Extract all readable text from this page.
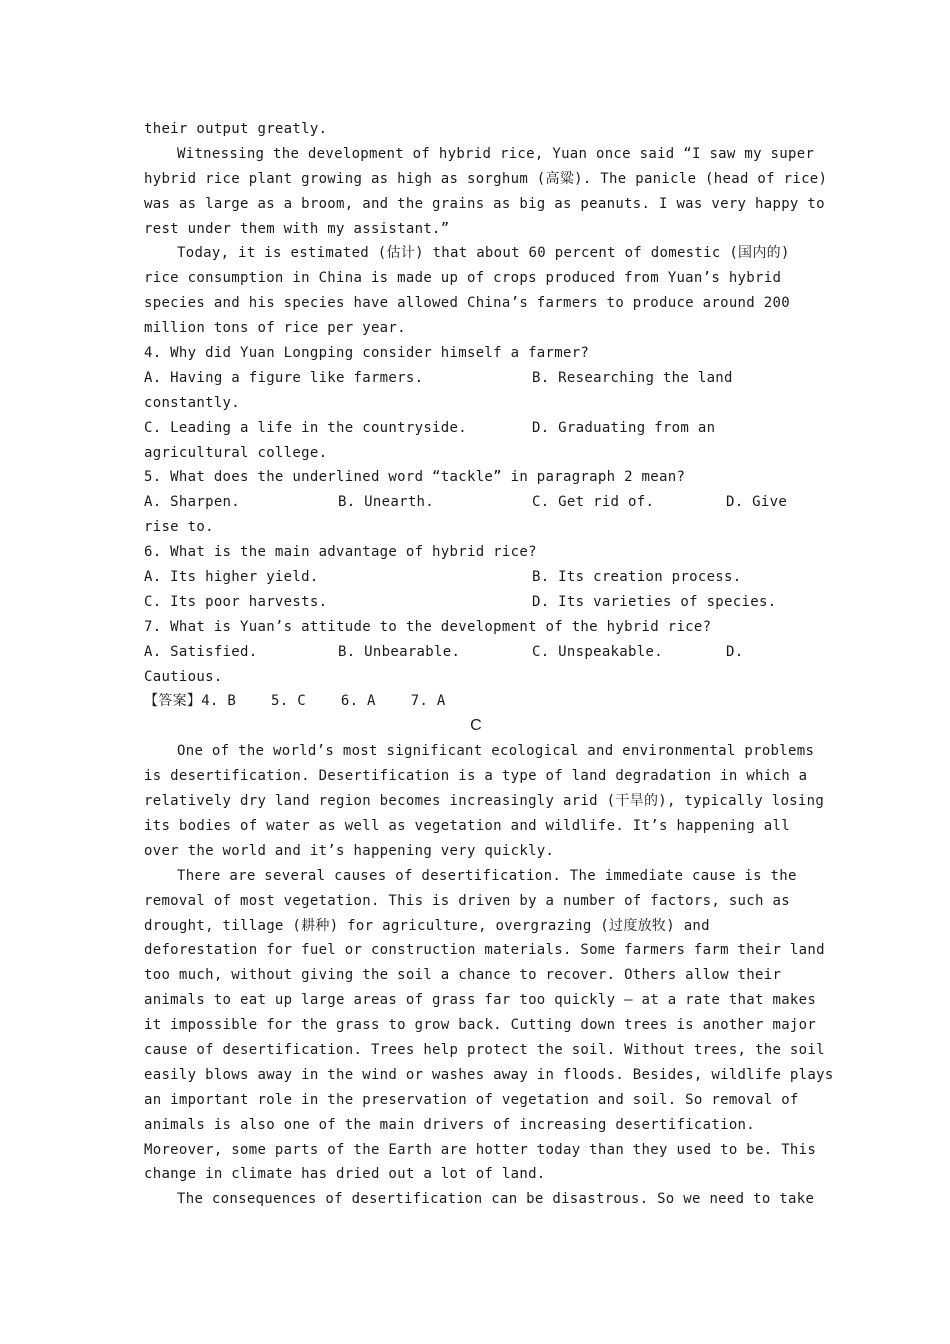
their output greatly.
Witnessing the development of hybrid rice, Yuan once said “I saw my super
hybrid rice plant growing as high as sorghum (高粱). The panicle (head of rice)
was as large as a broom, and the grains as big as peanuts. I was very happy to
rest under them with my assistant.”
Today, it is estimated (估计) that about 60 percent of domestic (国内的)
rice consumption in China is made up of crops produced from Yuan’s hybrid
species and his species have allowed China’s farmers to produce around 200
million tons of rice per year.
4. Why did Yuan Longping consider himself a farmer?

A. Having a figure like farmers.

	B. Researching the land

constantly.

C. Leading a life in the countryside.

	D. Graduating from an

agricultural college.
5. What does the underlined word “tackle” in paragraph 2 mean?

A. Sharpen.

	B. Unearth.

	C. Get rid of.

	D. Give

rise to.
6. What is the main advantage of hybrid rice?

A. Its higher yield.

	B. Its creation process.

C. Its poor harvests.

	D. Its varieties of species.

7. What is Yuan’s attitude to the development of the hybrid rice?

A. Satisfied.

	B. Unbearable.

	C. Unspeakable.

	D.

Cautious.
【答案】4. B    5. C    6. A    7. A
C
One of the world’s most significant ecological and environmental problems
is desertification. Desertification is a type of land degradation in which a
relatively dry land region becomes increasingly arid (干旱的), typically losing
its bodies of water as well as vegetation and wildlife. It’s happening all
over the world and it’s happening very quickly.
There are several causes of desertification. The immediate cause is the
removal of most vegetation. This is driven by a number of factors, such as
drought, tillage (耕种) for agriculture, overgrazing (过度放牧) and
deforestation for fuel or construction materials. Some farmers farm their land
too much, without giving the soil a chance to recover. Others allow their
animals to eat up large areas of grass far too quickly — at a rate that makes
it impossible for the grass to grow back. Cutting down trees is another major
cause of desertification. Trees help protect the soil. Without trees, the soil
easily blows away in the wind or washes away in floods. Besides, wildlife plays
an important role in the preservation of vegetation and soil. So removal of
animals is also one of the main drivers of increasing desertification.
Moreover, some parts of the Earth are hotter today than they used to be. This
change in climate has dried out a lot of land.
The consequences of desertification can be disastrous. So we need to take
